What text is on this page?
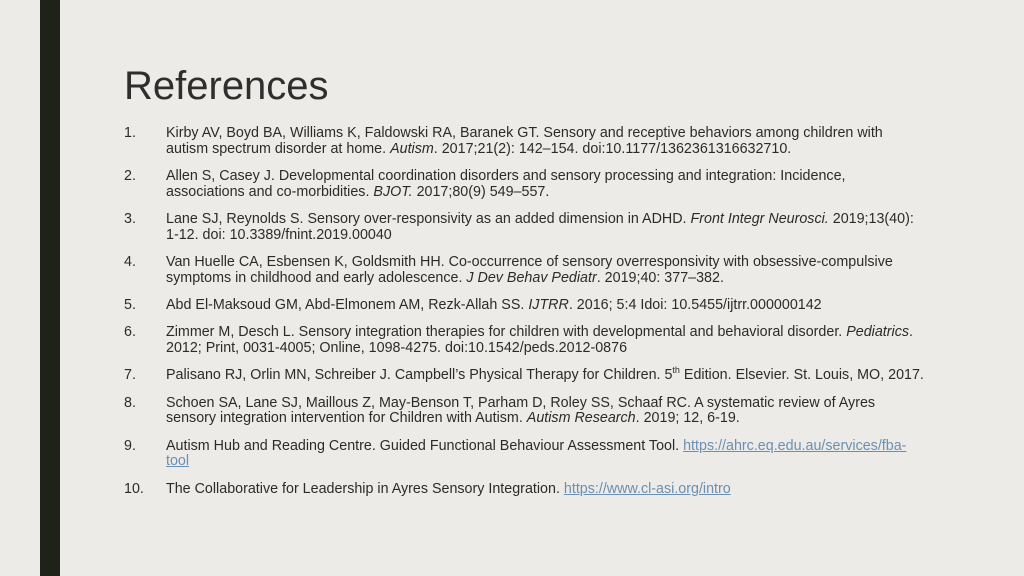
References
1.	Kirby AV, Boyd BA, Williams K, Faldowski RA, Baranek GT. Sensory and receptive behaviors among children with autism spectrum disorder at home. Autism. 2017;21(2): 142–154. doi:10.1177/1362361316632710.
2.	Allen S, Casey J. Developmental coordination disorders and sensory processing and integration: Incidence, associations and co-morbidities. BJOT. 2017;80(9) 549–557.
3.	Lane SJ, Reynolds S. Sensory over-responsivity as an added dimension in ADHD. Front Integr Neurosci. 2019;13(40): 1-12. doi: 10.3389/fnint.2019.00040
4.	Van Huelle CA, Esbensen K, Goldsmith HH. Co-occurrence of sensory overresponsivity with obsessive-compulsive symptoms in childhood and early adolescence. J Dev Behav Pediatr. 2019;40: 377–382.
5.	Abd El-Maksoud GM, Abd-Elmonem AM, Rezk-Allah SS. IJTRR. 2016; 5:4 Idoi: 10.5455/ijtrr.000000142
6.	Zimmer M, Desch L. Sensory integration therapies for children with developmental and behavioral disorder. Pediatrics. 2012; Print, 0031-4005; Online, 1098-4275. doi:10.1542/peds.2012-0876
7.	Palisano RJ, Orlin MN, Schreiber J. Campbell’s Physical Therapy for Children. 5th Edition. Elsevier. St. Louis, MO, 2017.
8.	Schoen SA, Lane SJ, Maillous Z, May-Benson T, Parham D, Roley SS, Schaaf RC. A systematic review of Ayres sensory integration intervention for Children with Autism. Autism Research. 2019; 12, 6-19.
9.	Autism Hub and Reading Centre. Guided Functional Behaviour Assessment Tool. https://ahrc.eq.edu.au/services/fba-tool
10.	The Collaborative for Leadership in Ayres Sensory Integration. https://www.cl-asi.org/intro
